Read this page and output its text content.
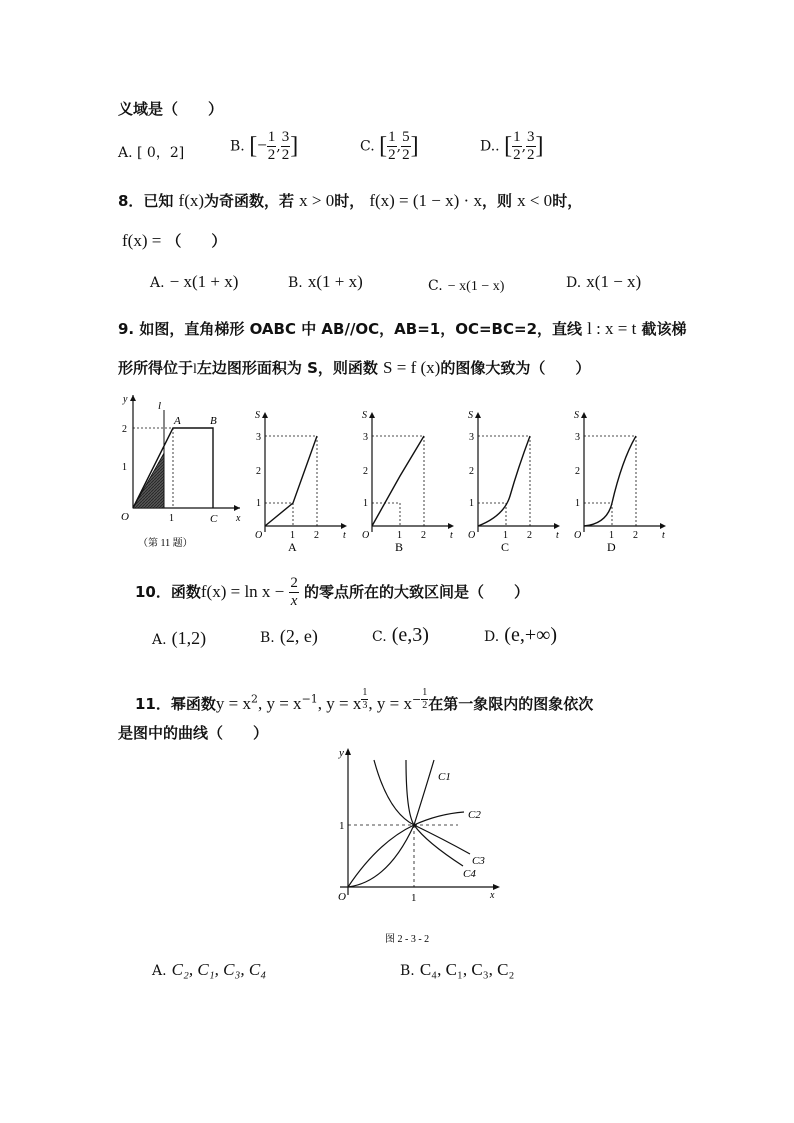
义域是（　　）
A. [ 0，2]	B. [− $\frac{1}{2}$ , $\frac{3}{2}$ ]	C. [ $\frac{1}{2}$ , $\frac{5}{2}$ ]	D.. [ $\frac{1}{2}$ , $\frac{3}{2}$ ]
8．已知 f(x)为奇函数，若 x > 0时， f(x) = (1 − x) · x，则 x < 0时，
f(x) = （　　）
A. − x(1 + x)	B. x(1 + x)	C. − x(1 − x)	D. x(1 − x)
9. 如图，直角梯形 OABC 中 AB//OC，AB=1，OC=BC=2，直线 l : x = t 截该梯
形所得位于l左边图形面积为 S，则函数 S = f (x)的图像大致为（　　）
l
A	B
C
O	x
y
2
1
1
（第 11 题）
S
3
2
1
O	1 2 t
A
S
3
2
1
O	1 2 t
B
S
3
2
1
O	1 2 t
C
S
3
2
1
O	1 2 t
D
10．函数$f(x) = \ln x - \frac{2}{x}$ 的零点所在的大致区间是（　　）
A. (1,2)	B. (2, e)	C. (e,3)	D. (e,+∞)
11．幂函数$y = x^2$, $y = x^{-1}$, y = x $^{\frac{1}{3}}$ , $y = x^{- \frac{1}{2}}$ 在第一象限内的图象依次
是图中的曲线（　　）
y
1
1
O	x
C1
C2
C3
C4
图 2 - 3 - 2
A. C₂, C₁, C₃, C₄	B. C₄, C₁, C₃, C₂
